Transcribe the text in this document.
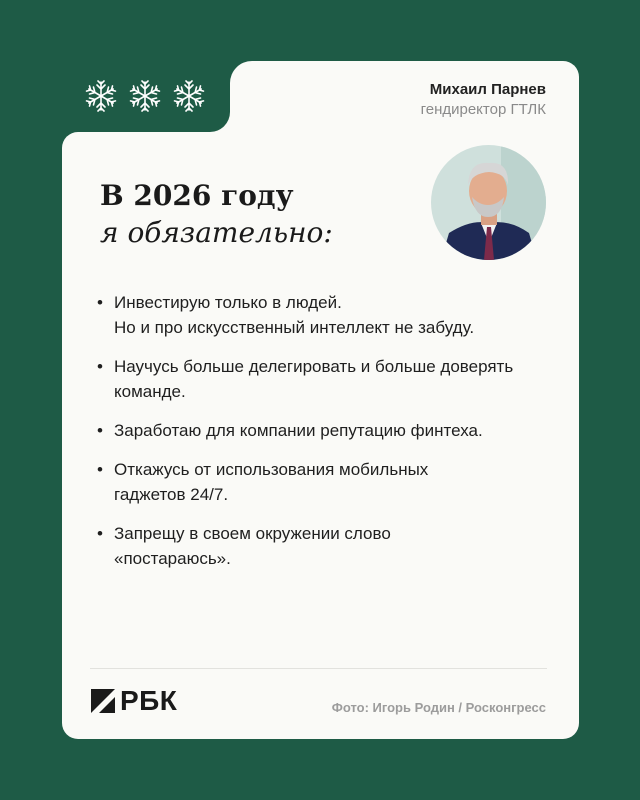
Михаил Парнев
гендиректор ГТЛК
В 2026 году
я обязательно:
• Инвестирую только в людей.
Но и про искусственный интеллект не забуду.
• Научусь больше делегировать и больше доверять
команде.
• Заработаю для компании репутацию финтеха.
• Откажусь от использования мобильных
гаджетов 24/7.
• Запрещу в своем окружении слово
«постараюсь».
РБК	Фото: Игорь Родин / Росконгресс
